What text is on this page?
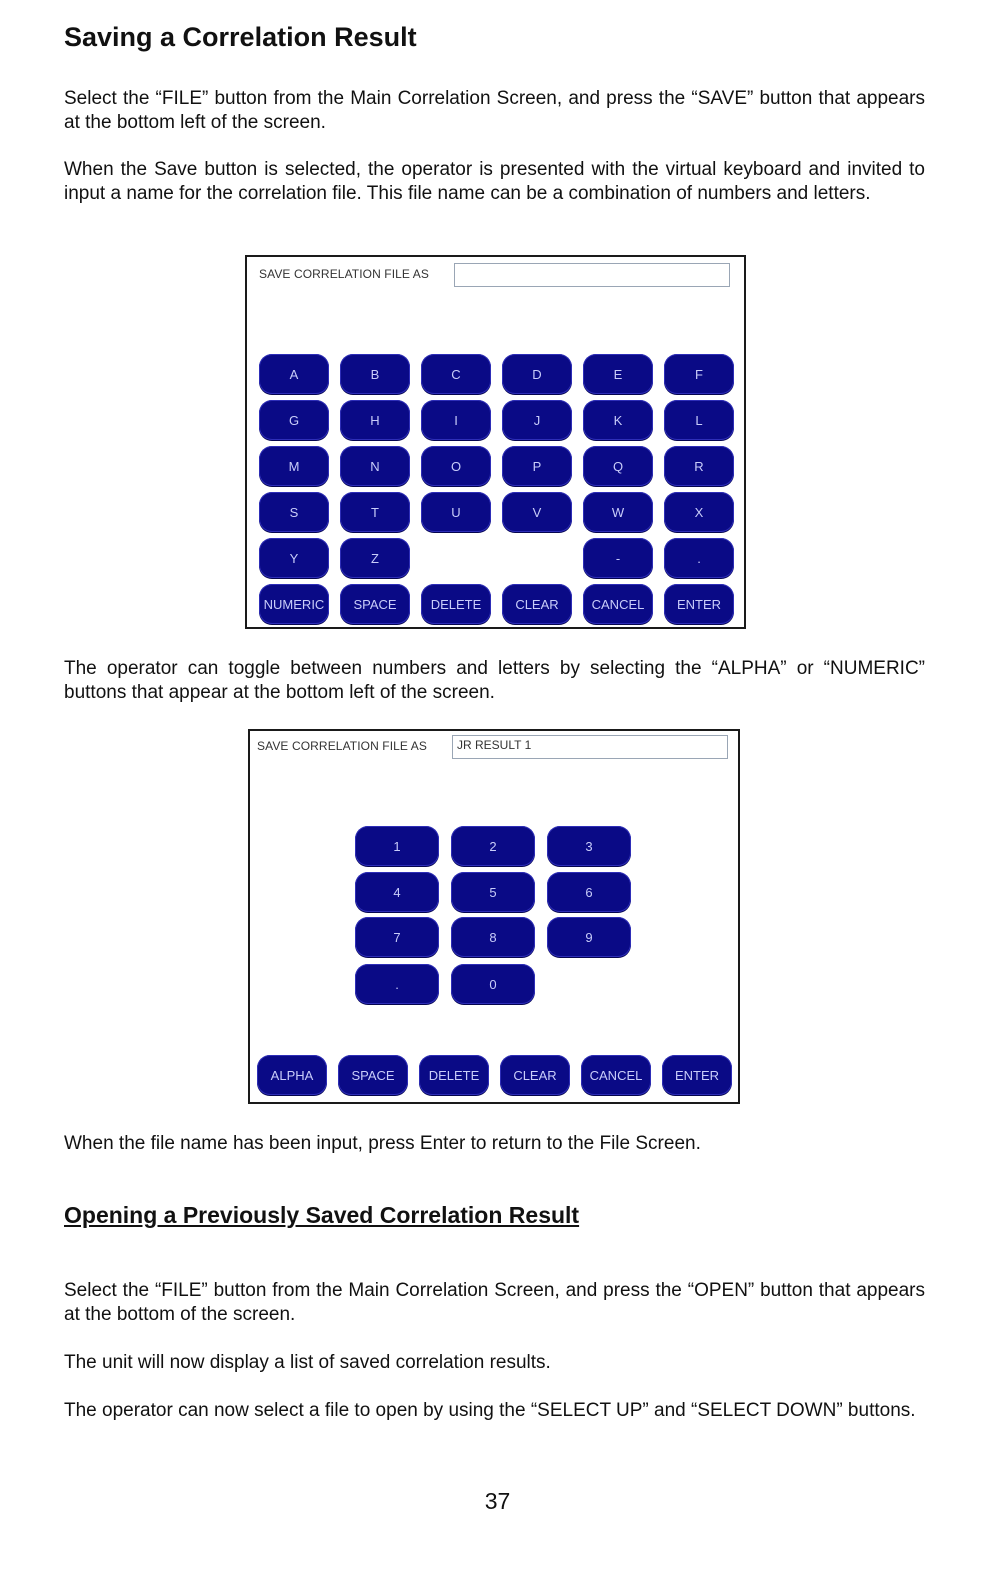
Saving a Correlation Result

Select the “FILE” button from the Main Correlation Screen, and press the “SAVE” button that appears at the bottom left of the screen.

When the Save button is selected, the operator is presented with the virtual keyboard and invited to input a name for the correlation file. This file name can be a combination of numbers and letters.

SAVE CORRELATION FILE AS
A	B	C	D	E	F
G	H	I	J	K	L
M	N	O	P	Q	R
S	T	U	V	W	X
Y	Z	-	.
NUMERIC	SPACE	DELETE	CLEAR	CANCEL	ENTER

The operator can toggle between numbers and letters by selecting the “ALPHA” or “NUMERIC” buttons that appear at the bottom left of the screen.

SAVE CORRELATION FILE AS	JR RESULT 1
1	2	3
4	5	6
7	8	9
.	0
ALPHA	SPACE	DELETE	CLEAR	CANCEL	ENTER

When the file name has been input, press Enter to return to the File Screen.

Opening a Previously Saved Correlation Result

Select the “FILE” button from the Main Correlation Screen, and press the “OPEN” button that appears at the bottom of the screen.

The unit will now display a list of saved correlation results.

The operator can now select a file to open by using the “SELECT UP” and “SELECT DOWN” buttons.

37
